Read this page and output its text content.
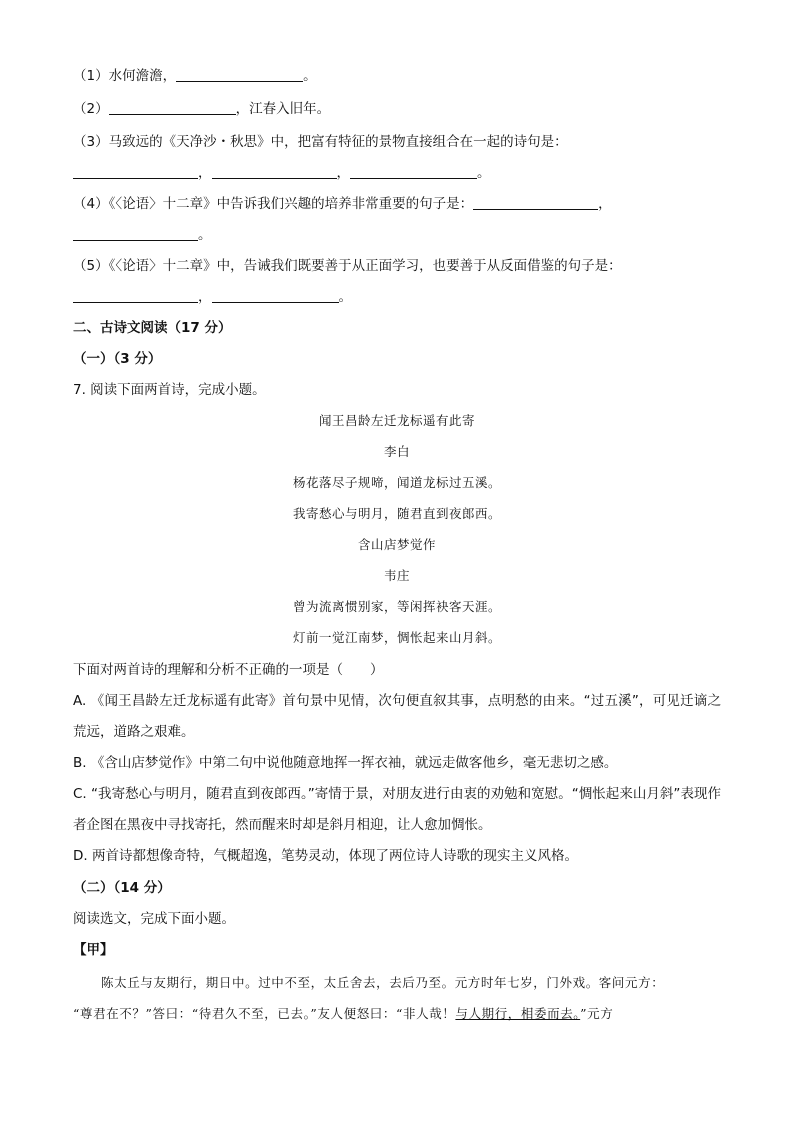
（1）水何澹澹，	。
（2）	，江春入旧年。
（3）马致远的《天净沙・秋思》中，把富有特征的景物直接组合在一起的诗句是：
，	，	。
（4）《〈论语〉十二章》中告诉我们兴趣的培养非常重要的句子是：	，
。
（5）《〈论语〉十二章》中，告诫我们既要善于从正面学习，也要善于从反面借鉴的句子是：
，	。
二、古诗文阅读（17 分）
（一）（3 分）
7. 阅读下面两首诗，完成小题。
闻王昌龄左迁龙标遥有此寄
李白
杨花落尽子规啼，闻道龙标过五溪。
我寄愁心与明月，随君直到夜郎西。
含山店梦觉作
韦庄
曾为流离惯别家，等闲挥袂客天涯。
灯前一觉江南梦，惆怅起来山月斜。
下面对两首诗的理解和分析不正确的一项是（　　）
A. 《闻王昌龄左迁龙标遥有此寄》首句景中见情，次句便直叙其事，点明愁的由来。“过五溪”，可见迁谪之荒远，道路之艰难。
B. 《含山店梦觉作》中第二句中说他随意地挥一挥衣袖，就远走做客他乡，毫无悲切之感。
C. “我寄愁心与明月，随君直到夜郎西。”寄情于景，对朋友进行由衷的劝勉和宽慰。“惆怅起来山月斜”表现作者企图在黑夜中寻找寄托，然而醒来时却是斜月相迎，让人愈加惆怅。
D. 两首诗都想像奇特，气概超逸，笔势灵动，体现了两位诗人诗歌的现实主义风格。
（二）（14 分）
阅读选文，完成下面小题。
【甲】
陈太丘与友期行，期日中。过中不至，太丘舍去，去后乃至。元方时年七岁，门外戏。客问元方：
“尊君在不？”答曰：“待君久不至，已去。”友人便怒曰：“非人哉！与人期行，相委而去。”元方
